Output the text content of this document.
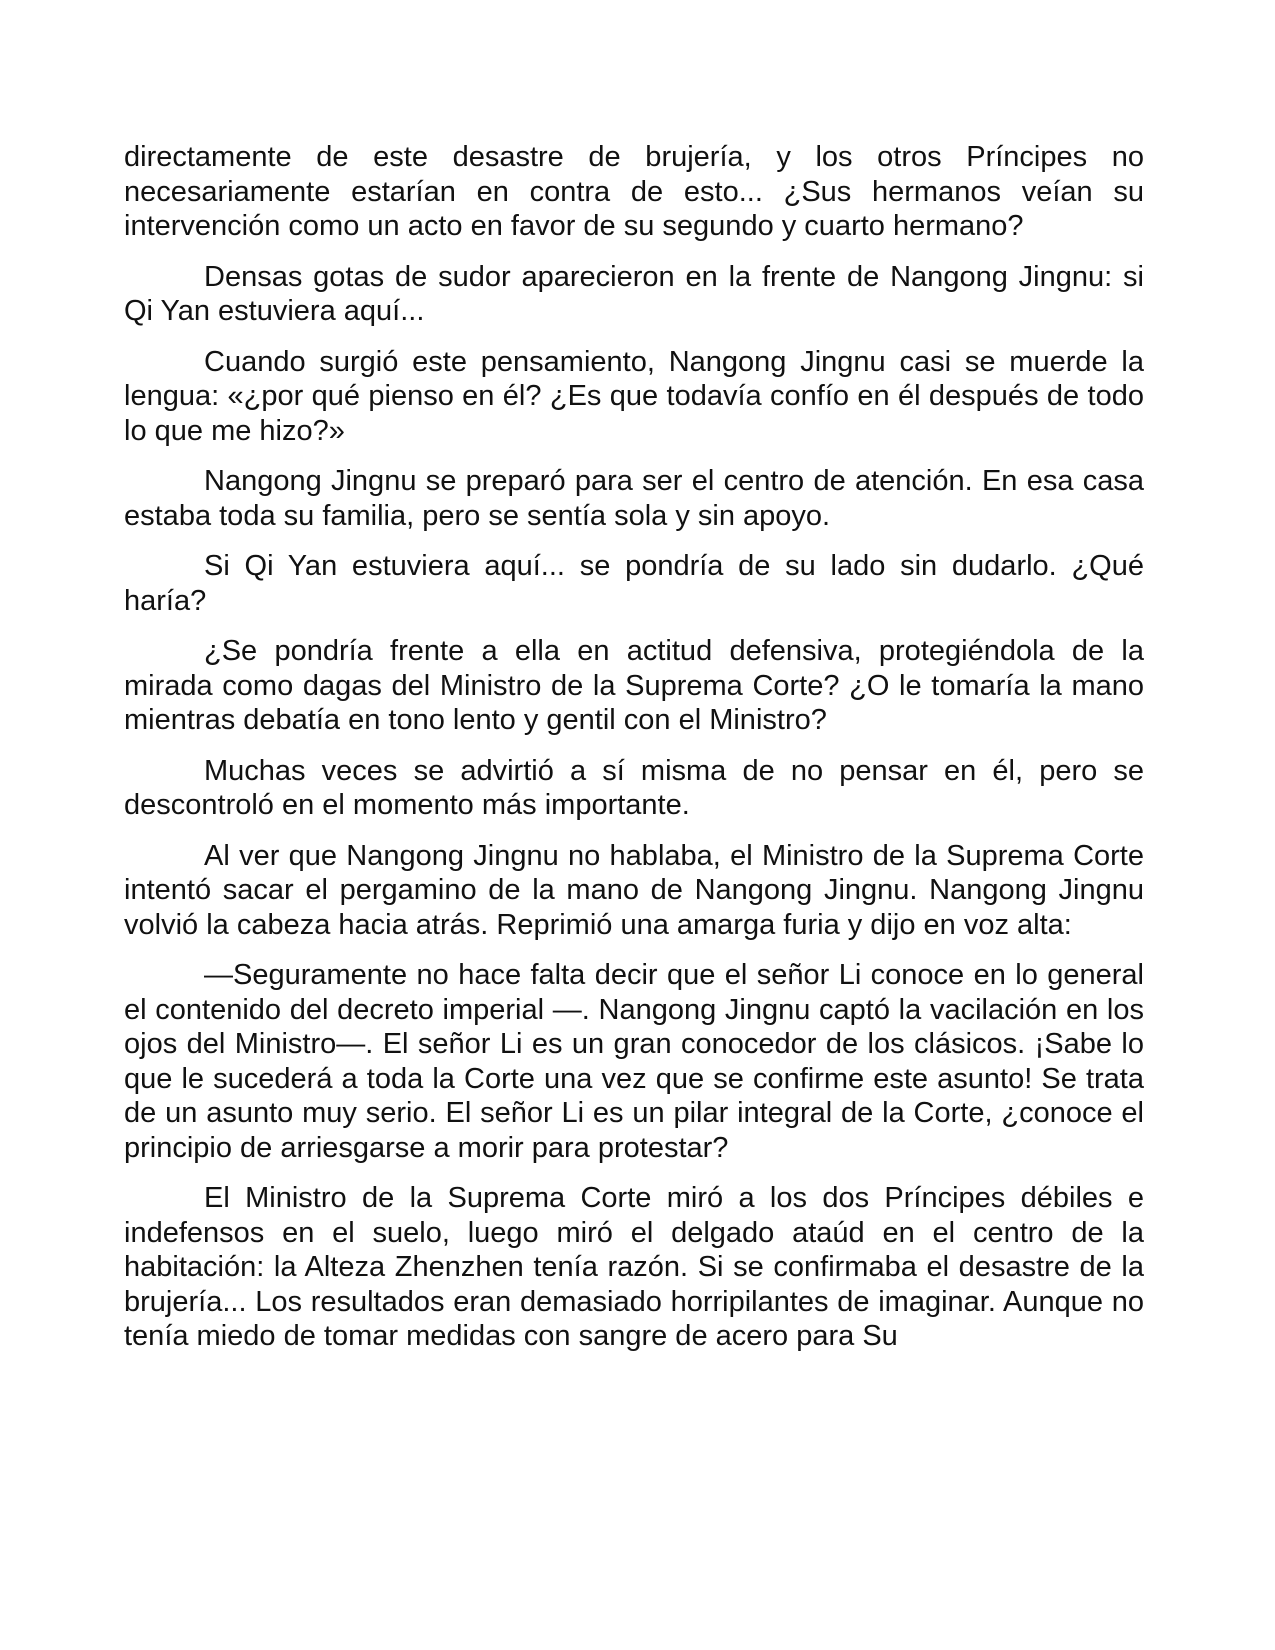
directamente de este desastre de brujería, y los otros Príncipes no necesariamente estarían en contra de esto... ¿Sus hermanos veían su intervención como un acto en favor de su segundo y cuarto hermano?

Densas gotas de sudor aparecieron en la frente de Nangong Jingnu: si Qi Yan estuviera aquí...

Cuando surgió este pensamiento, Nangong Jingnu casi se muerde la lengua: «¿por qué pienso en él? ¿Es que todavía confío en él después de todo lo que me hizo?»

Nangong Jingnu se preparó para ser el centro de atención. En esa casa estaba toda su familia, pero se sentía sola y sin apoyo.

Si Qi Yan estuviera aquí... se pondría de su lado sin dudarlo. ¿Qué haría?

¿Se pondría frente a ella en actitud defensiva, protegiéndola de la mirada como dagas del Ministro de la Suprema Corte? ¿O le tomaría la mano mientras debatía en tono lento y gentil con el Ministro?

Muchas veces se advirtió a sí misma de no pensar en él, pero se descontroló en el momento más importante.

Al ver que Nangong Jingnu no hablaba, el Ministro de la Suprema Corte intentó sacar el pergamino de la mano de Nangong Jingnu. Nangong Jingnu volvió la cabeza hacia atrás. Reprimió una amarga furia y dijo en voz alta:

—Seguramente no hace falta decir que el señor Li conoce en lo general el contenido del decreto imperial —. Nangong Jingnu captó la vacilación en los ojos del Ministro—. El señor Li es un gran conocedor de los clásicos. ¡Sabe lo que le sucederá a toda la Corte una vez que se confirme este asunto! Se trata de un asunto muy serio. El señor Li es un pilar integral de la Corte, ¿conoce el principio de arriesgarse a morir para protestar?

El Ministro de la Suprema Corte miró a los dos Príncipes débiles e indefensos en el suelo, luego miró el delgado ataúd en el centro de la habitación: la Alteza Zhenzhen tenía razón. Si se confirmaba el desastre de la brujería... Los resultados eran demasiado horripilantes de imaginar. Aunque no tenía miedo de tomar medidas con sangre de acero para Su
